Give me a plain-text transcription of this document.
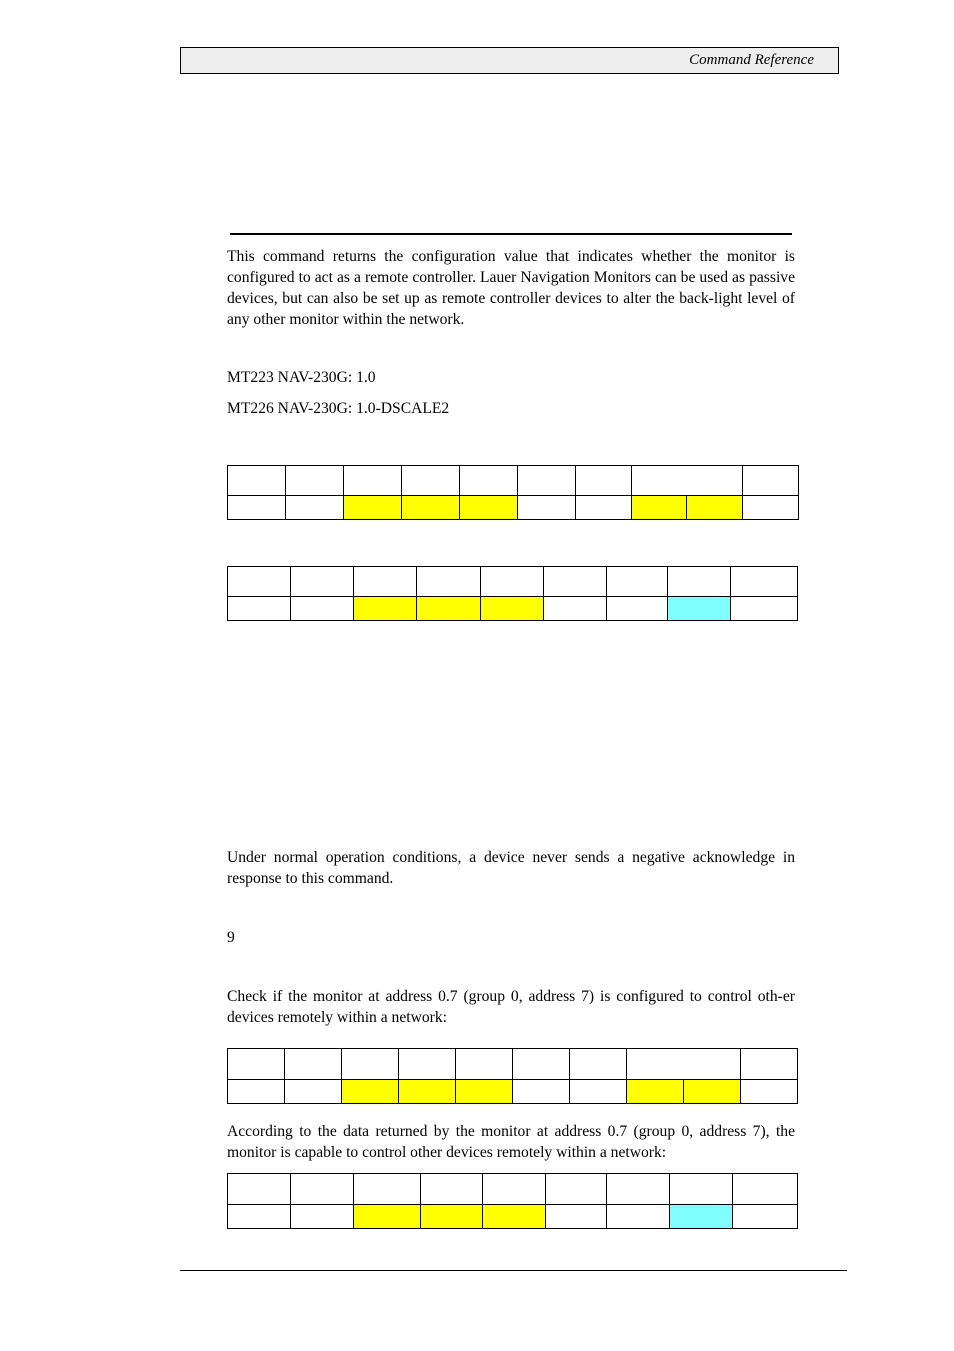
Command Reference

This command returns the configuration value that indicates whether the monitor is configured to act as a remote controller. Lauer Navigation Monitors can be used as passive devices, but can also be set up as remote controller devices to alter the back-light level of any other monitor within the network.

MT223 NAV-230G: 1.0
MT226 NAV-230G: 1.0-DSCALE2

Under normal operation conditions, a device never sends a negative acknowledge in response to this command.

9

Check if the monitor at address 0.7 (group 0, address 7) is configured to control oth-er devices remotely within a network:

According to the data returned by the monitor at address 0.7 (group 0, address 7), the monitor is capable to control other devices remotely within a network:
